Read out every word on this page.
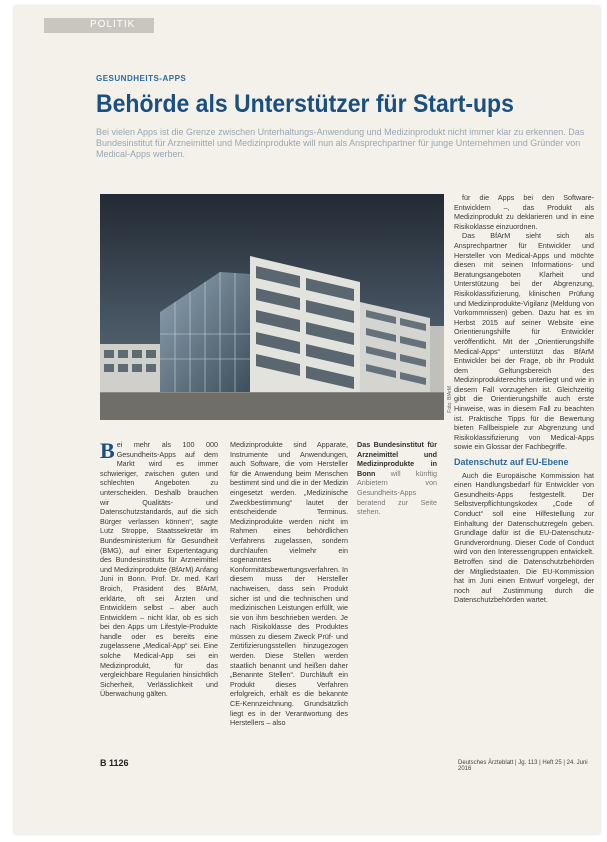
POLITIK
GESUNDHEITS-APPS
Behörde als Unterstützer für Start-ups
Bei vielen Apps ist die Grenze zwischen Unterhaltungs-Anwendung und Medizinprodukt nicht immer klar zu erkennen. Das Bundesinstitut für Arzneimittel und Medizinprodukte will nun als Ansprechpartner für junge Unternehmen und Gründer von Medical-Apps werben.
Foto: BfArM
Bei mehr als 100 000 Gesundheits-Apps auf dem Markt wird es immer schwieriger, zwischen guten und schlechten Angeboten zu unterscheiden. Deshalb brauchen wir Qualitäts- und Datenschutzstandards, auf die sich Bürger verlassen können“, sagte Lutz Stroppe, Staatssekretär im Bundesministerium für Gesundheit (BMG), auf einer Expertentagung des Bundesinstituts für Arzneimittel und Medizinprodukte (BfArM) Anfang Juni in Bonn. Prof. Dr. med. Karl Broich, Präsident des BfArM, erklärte, oft sei Ärzten und Entwicklern selbst – aber auch Entwicklern – nicht klar, ob es sich bei den Apps um Lifestyle-Produkte handle oder es bereits eine zugelassene „Medical-App“ sei. Eine solche Medical-App sei ein Medizinprodukt, für das vergleichbare Regularien hinsichtlich Sicherheit, Verlässlichkeit und Überwachung gälten.
Medizinprodukte sind Apparate, Instrumente und Anwendungen, auch Software, die vom Hersteller für die Anwendung beim Menschen bestimmt sind und die in der Medizin eingesetzt werden. „Medizinische Zweckbestimmung“ lautet der entscheidende Terminus. Medizinprodukte werden nicht im Rahmen eines behördlichen Verfahrens zugelassen, sondern durchlaufen vielmehr ein sogenanntes Konformitätsbewertungsverfahren. In diesem muss der Hersteller nachweisen, dass sein Produkt sicher ist und die technischen und medizinischen Leistungen erfüllt, wie sie von ihm beschrieben werden. Je nach Risikoklasse des Produktes müssen zu diesem Zweck Prüf- und Zertifizierungsstellen hinzugezogen werden. Diese Stellen werden staatlich benannt und heißen daher „Benannte Stellen“. Durchläuft ein Produkt dieses Verfahren erfolgreich, erhält es die bekannte CE-Kennzeichnung. Grundsätzlich liegt es in der Verantwortung des Herstellers – also
Das Bundesinstitut für Arzneimittel und Medizinprodukte in Bonn will künftig Anbietern von Gesundheits-Apps beratend zur Seite stehen.
für die Apps bei den Software-Entwicklern –, das Produkt als Medizinprodukt zu deklarieren und in eine Risikoklasse einzuordnen.
Das BfArM sieht sich als Ansprechpartner für Entwickler und Hersteller von Medical-Apps und möchte diesen mit seinen Informations- und Beratungsangeboten Klarheit und Unterstützung bei der Abgrenzung, Risikoklassifizierung, klinischen Prüfung und Medizinprodukte-Vigilanz (Meldung von Vorkommnissen) geben. Dazu hat es im Herbst 2015 auf seiner Website eine Orientierungshilfe für Entwickler veröffentlicht. Mit der „Orientierungshilfe Medical-Apps“ unterstützt das BfArM Entwickler bei der Frage, ob ihr Produkt dem Geltungsbereich des Medizinprodukterechts unterliegt und wie in diesem Fall vorzugehen ist. Gleichzeitig gibt die Orientierungshilfe auch erste Hinweise, was in diesem Fall zu beachten ist. Praktische Tipps für die Bewertung bieten Fallbeispiele zur Abgrenzung und Risikoklassifizierung von Medical-Apps sowie ein Glossar der Fachbegriffe.
Datenschutz auf EU-Ebene
Auch die Europäische Kommission hat einen Handlungsbedarf für Entwickler von Gesundheits-Apps festgestellt. Der Selbstverpflichtungskodex „Code of Conduct“ soll eine Hilfestellung zur Einhaltung der Datenschutzregeln geben. Grundlage dafür ist die EU-Datenschutz-Grundverordnung. Dieser Code of Conduct wird von den Interessengruppen entwickelt. Betroffen sind die Datenschutzbehörden der Mitgliedstaaten. Die EU-Kommission hat im Juni einen Entwurf vorgelegt, der noch auf Zustimmung durch die Datenschutzbehörden wartet.
B 1126	Deutsches Ärzteblatt | Jg. 113 | Heft 25 | 24. Juni 2016
